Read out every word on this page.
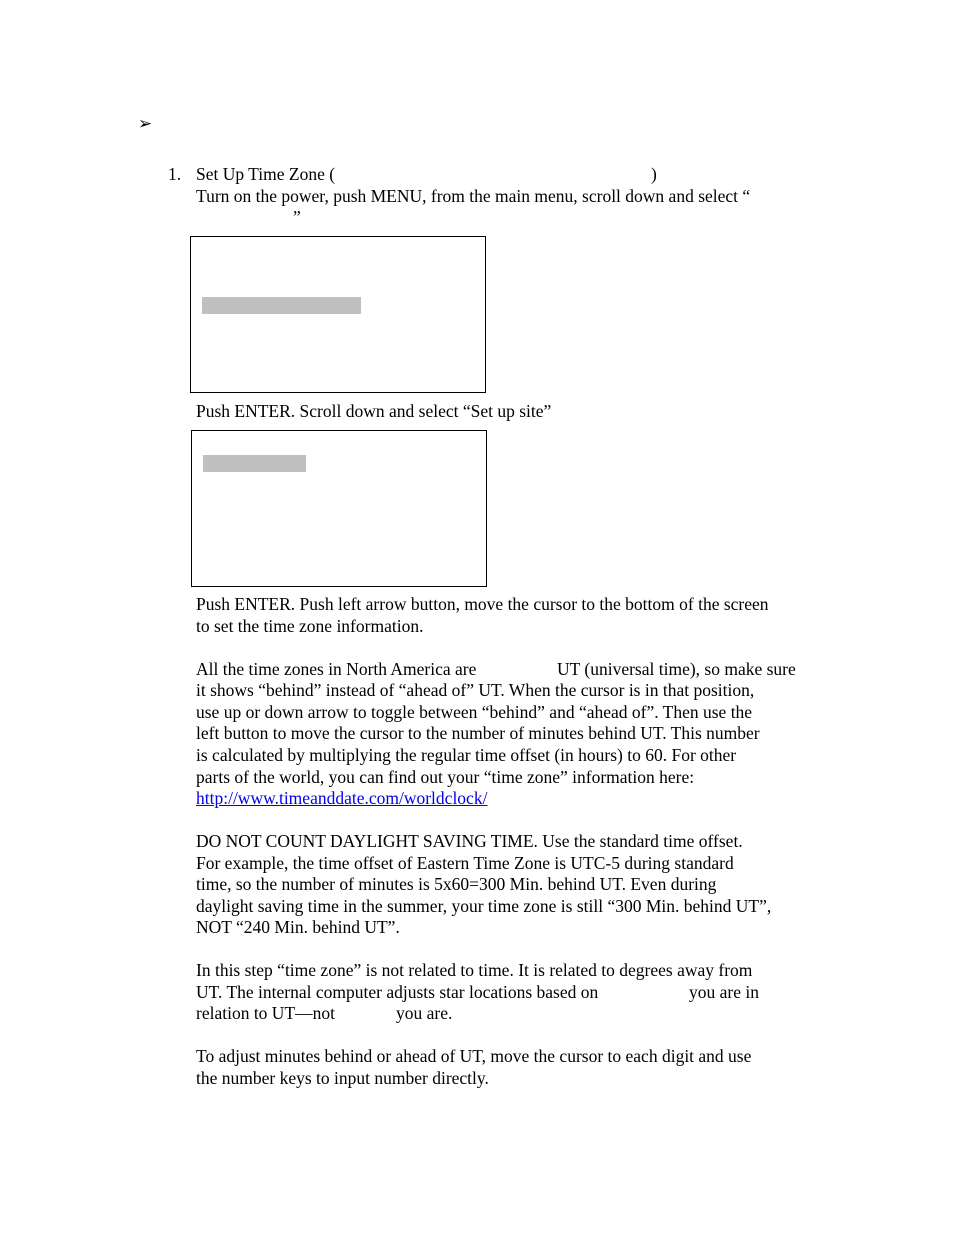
➢
1. Set Up Time Zone (	)
Turn on the power, push MENU, from the main menu, scroll down and select “
”
Push ENTER. Scroll down and select “Set up site”
Push ENTER. Push left arrow button, move the cursor to the bottom of the screen
to set the time zone information.
All the time zones in North America are	UT (universal time), so make sure
it shows “behind” instead of “ahead of” UT. When the cursor is in that position,
use up or down arrow to toggle between “behind” and “ahead of”. Then use the
left button to move the cursor to the number of minutes behind UT. This number
is calculated by multiplying the regular time offset (in hours) to 60. For other
parts of the world, you can find out your “time zone” information here:
http://www.timeanddate.com/worldclock/
DO NOT COUNT DAYLIGHT SAVING TIME. Use the standard time offset.
For example, the time offset of Eastern Time Zone is UTC-5 during standard
time, so the number of minutes is 5x60=300 Min. behind UT. Even during
daylight saving time in the summer, your time zone is still “300 Min. behind UT”,
NOT “240 Min. behind UT”.
In this step “time zone” is not related to time. It is related to degrees away from
UT. The internal computer adjusts star locations based on	you are in
relation to UT—not	you are.
To adjust minutes behind or ahead of UT, move the cursor to each digit and use
the number keys to input number directly.
